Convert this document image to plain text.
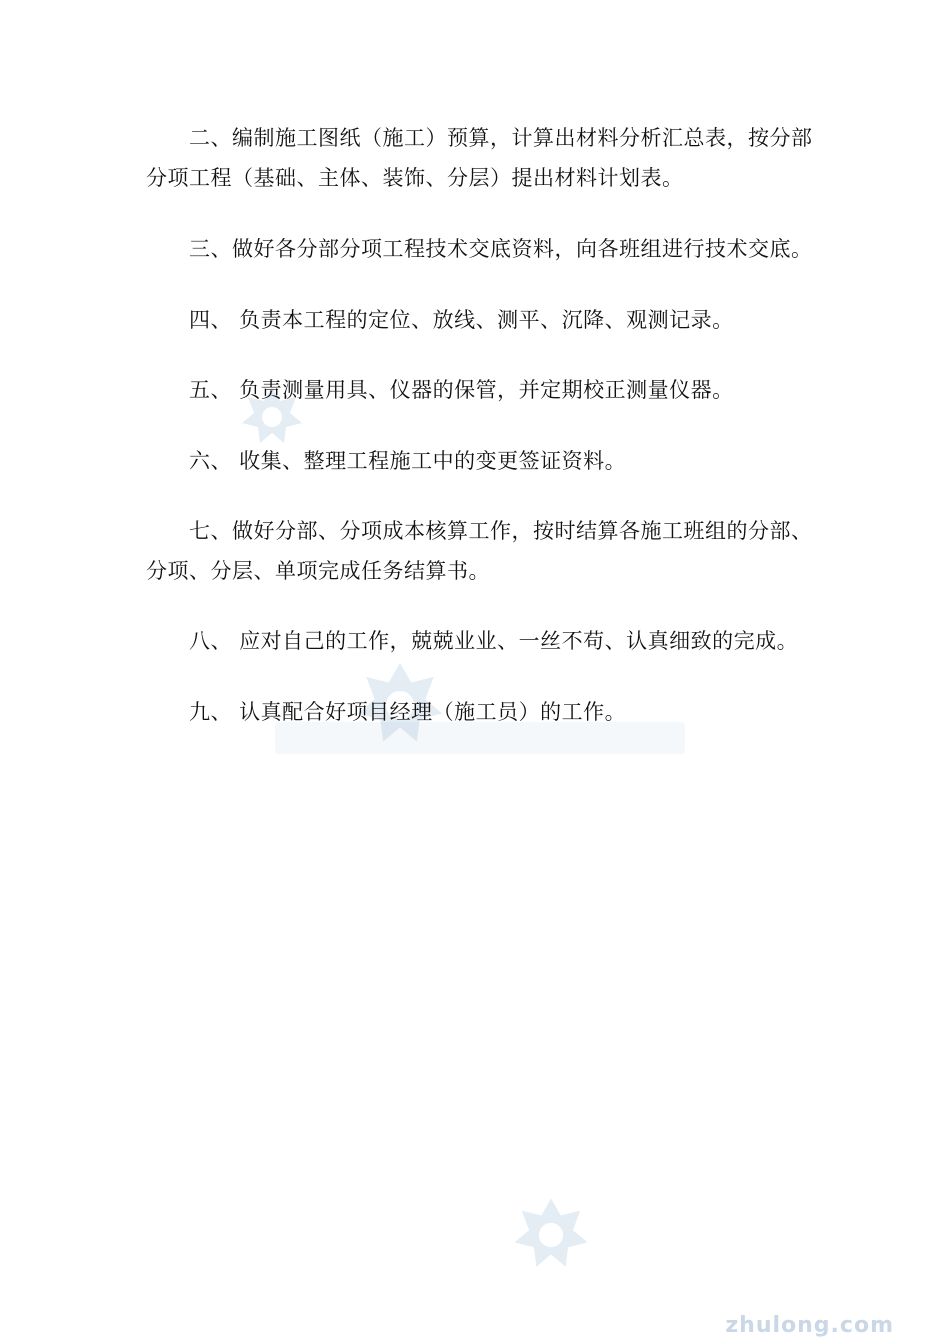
zhulong.com
二、编制施工图纸（施工）预算，计算出材料分析汇总表，按分部
分项工程（基础、主体、装饰、分层）提出材料计划表。
三、做好各分部分项工程技术交底资料，向各班组进行技术交底。
四、 负责本工程的定位、放线、测平、沉降、观测记录。
五、 负责测量用具、仪器的保管，并定期校正测量仪器。
六、 收集、整理工程施工中的变更签证资料。
七、做好分部、分项成本核算工作，按时结算各施工班组的分部、
分项、分层、单项完成任务结算书。
八、 应对自己的工作，兢兢业业、一丝不苟、认真细致的完成。
九、 认真配合好项目经理（施工员）的工作。
